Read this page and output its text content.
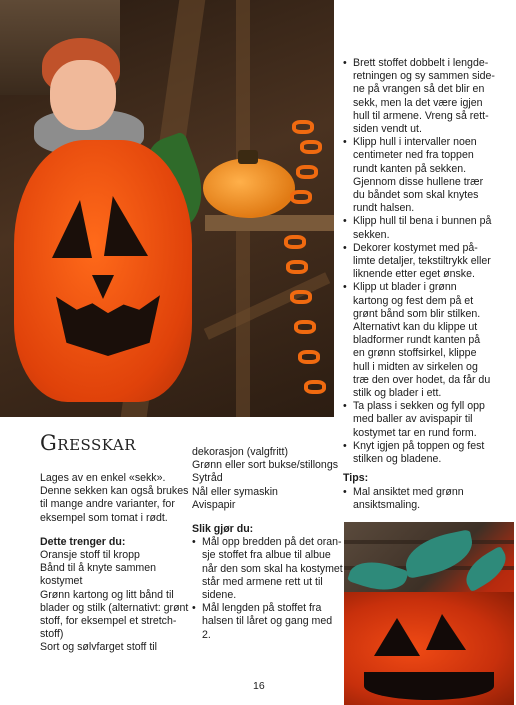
• Brett stoffet dobbelt i lengde-
retningen og sy sammen side-
ne på vrangen så det blir en
sekk, men la det være igjen
hull til armene. Vreng så rett-
siden vendt ut.
• Klipp hull i intervaller noen
centimeter ned fra toppen
rundt kanten på sekken.
Gjennom disse hullene trær
du båndet som skal knytes
rundt halsen.
• Klipp hull til bena i bunnen på
sekken.
• Dekorer kostymet med på-
limte detaljer, tekstiltrykk eller
liknende etter eget ønske.
• Klipp ut blader i grønn
kartong og fest dem på et
grønt bånd som blir stilken.
Alternativt kan du klippe ut
bladformer rundt kanten på
en grønn stoffsirkel, klippe
hull i midten av sirkelen og
træ den over hodet, da får du
stilk og blader i ett.
• Ta plass i sekken og fyll opp
med baller av avispapir til
kostymet tar en rund form.
• Knyt igjen på toppen og fest
stilken og bladene.

Tips:

• Mal ansiktet med grønn
ansiktsmaling.
Gresskar

Lages av en enkel «sekk».

Denne sekken kan også brukes

til mange andre varianter, for

eksempel som tomat i rødt.

Dette trenger du:

Oransje stoff til kropp

Bånd til å knyte sammen

kostymet

Grønn kartong og litt bånd til

blader og stilk (alternativt: grønt

stoff, for eksempel et stretch-

stoff)

Sort og sølvfarget stoff til

dekorasjon (valgfritt)

Grønn eller sort bukse/stillongs

Sytråd

Nål eller symaskin

Avispapir

Slik gjør du:

• Mål opp bredden på det oran-
sje stoffet fra albue til albue
når den som skal ha kostymet
står med armene rett ut til
sidene.
• Mål lengden på stoffet fra
halsen til låret og gang med
2.
16
